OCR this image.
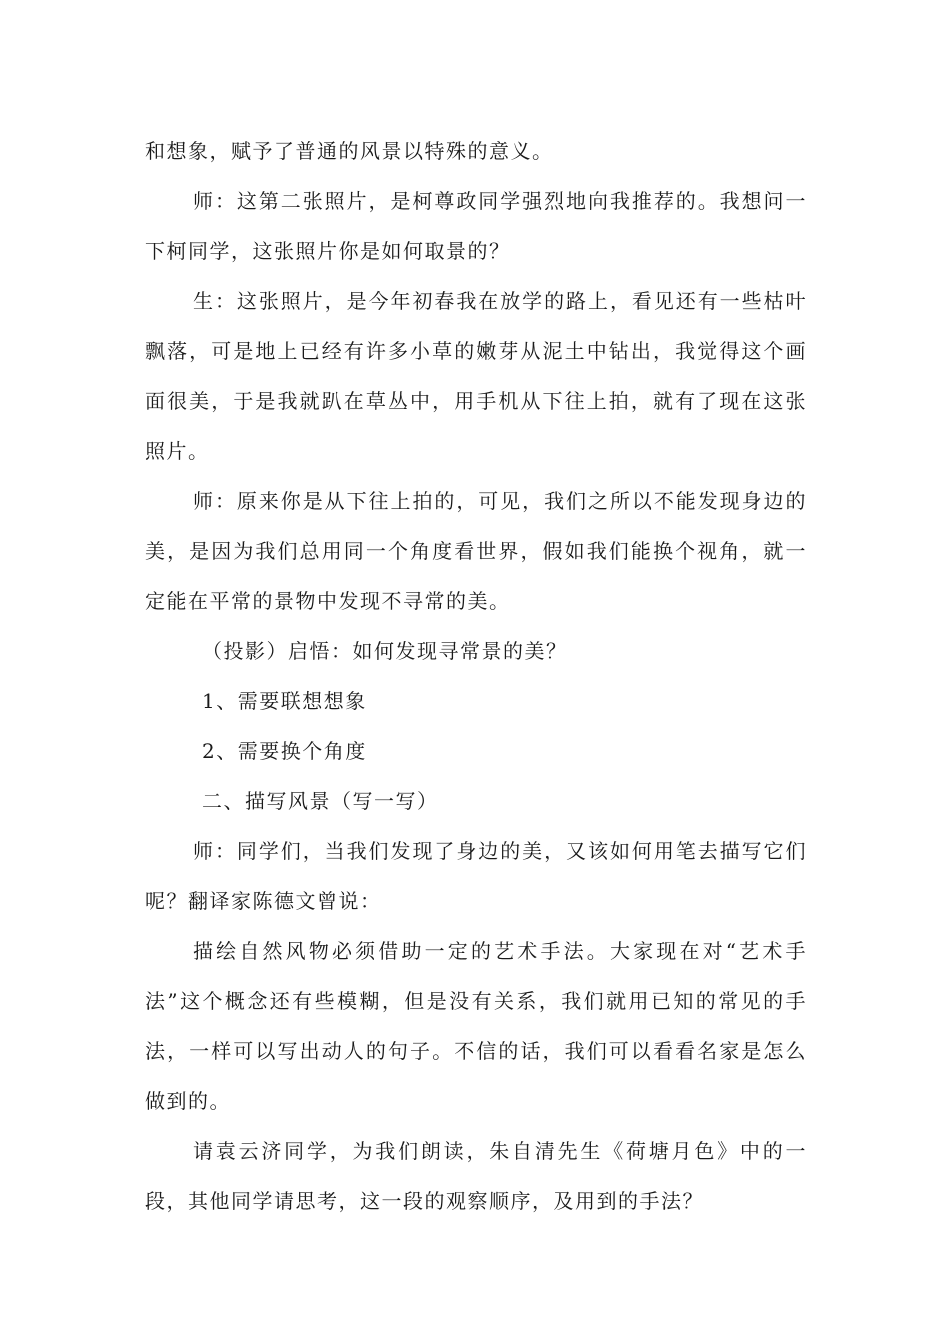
和想象，赋予了普通的风景以特殊的意义。

师：这第二张照片，是柯尊政同学强烈地向我推荐的。我想问一下柯同学，这张照片你是如何取景的？

生：这张照片，是今年初春我在放学的路上，看见还有一些枯叶飘落，可是地上已经有许多小草的嫩芽从泥土中钻出，我觉得这个画面很美，于是我就趴在草丛中，用手机从下往上拍，就有了现在这张照片。

师：原来你是从下往上拍的，可见，我们之所以不能发现身边的美，是因为我们总用同一个角度看世界，假如我们能换个视角，就一定能在平常的景物中发现不寻常的美。

（投影）启悟：如何发现寻常景的美？

1、需要联想想象

2、需要换个角度

二、描写风景（写一写）

师：同学们，当我们发现了身边的美，又该如何用笔去描写它们呢？翻译家陈德文曾说：

描绘自然风物必须借助一定的艺术手法。大家现在对“艺术手法”这个概念还有些模糊，但是没有关系，我们就用已知的常见的手法，一样可以写出动人的句子。不信的话，我们可以看看名家是怎么做到的。

请袁云济同学，为我们朗读，朱自清先生《荷塘月色》中的一段，其他同学请思考，这一段的观察顺序，及用到的手法？
